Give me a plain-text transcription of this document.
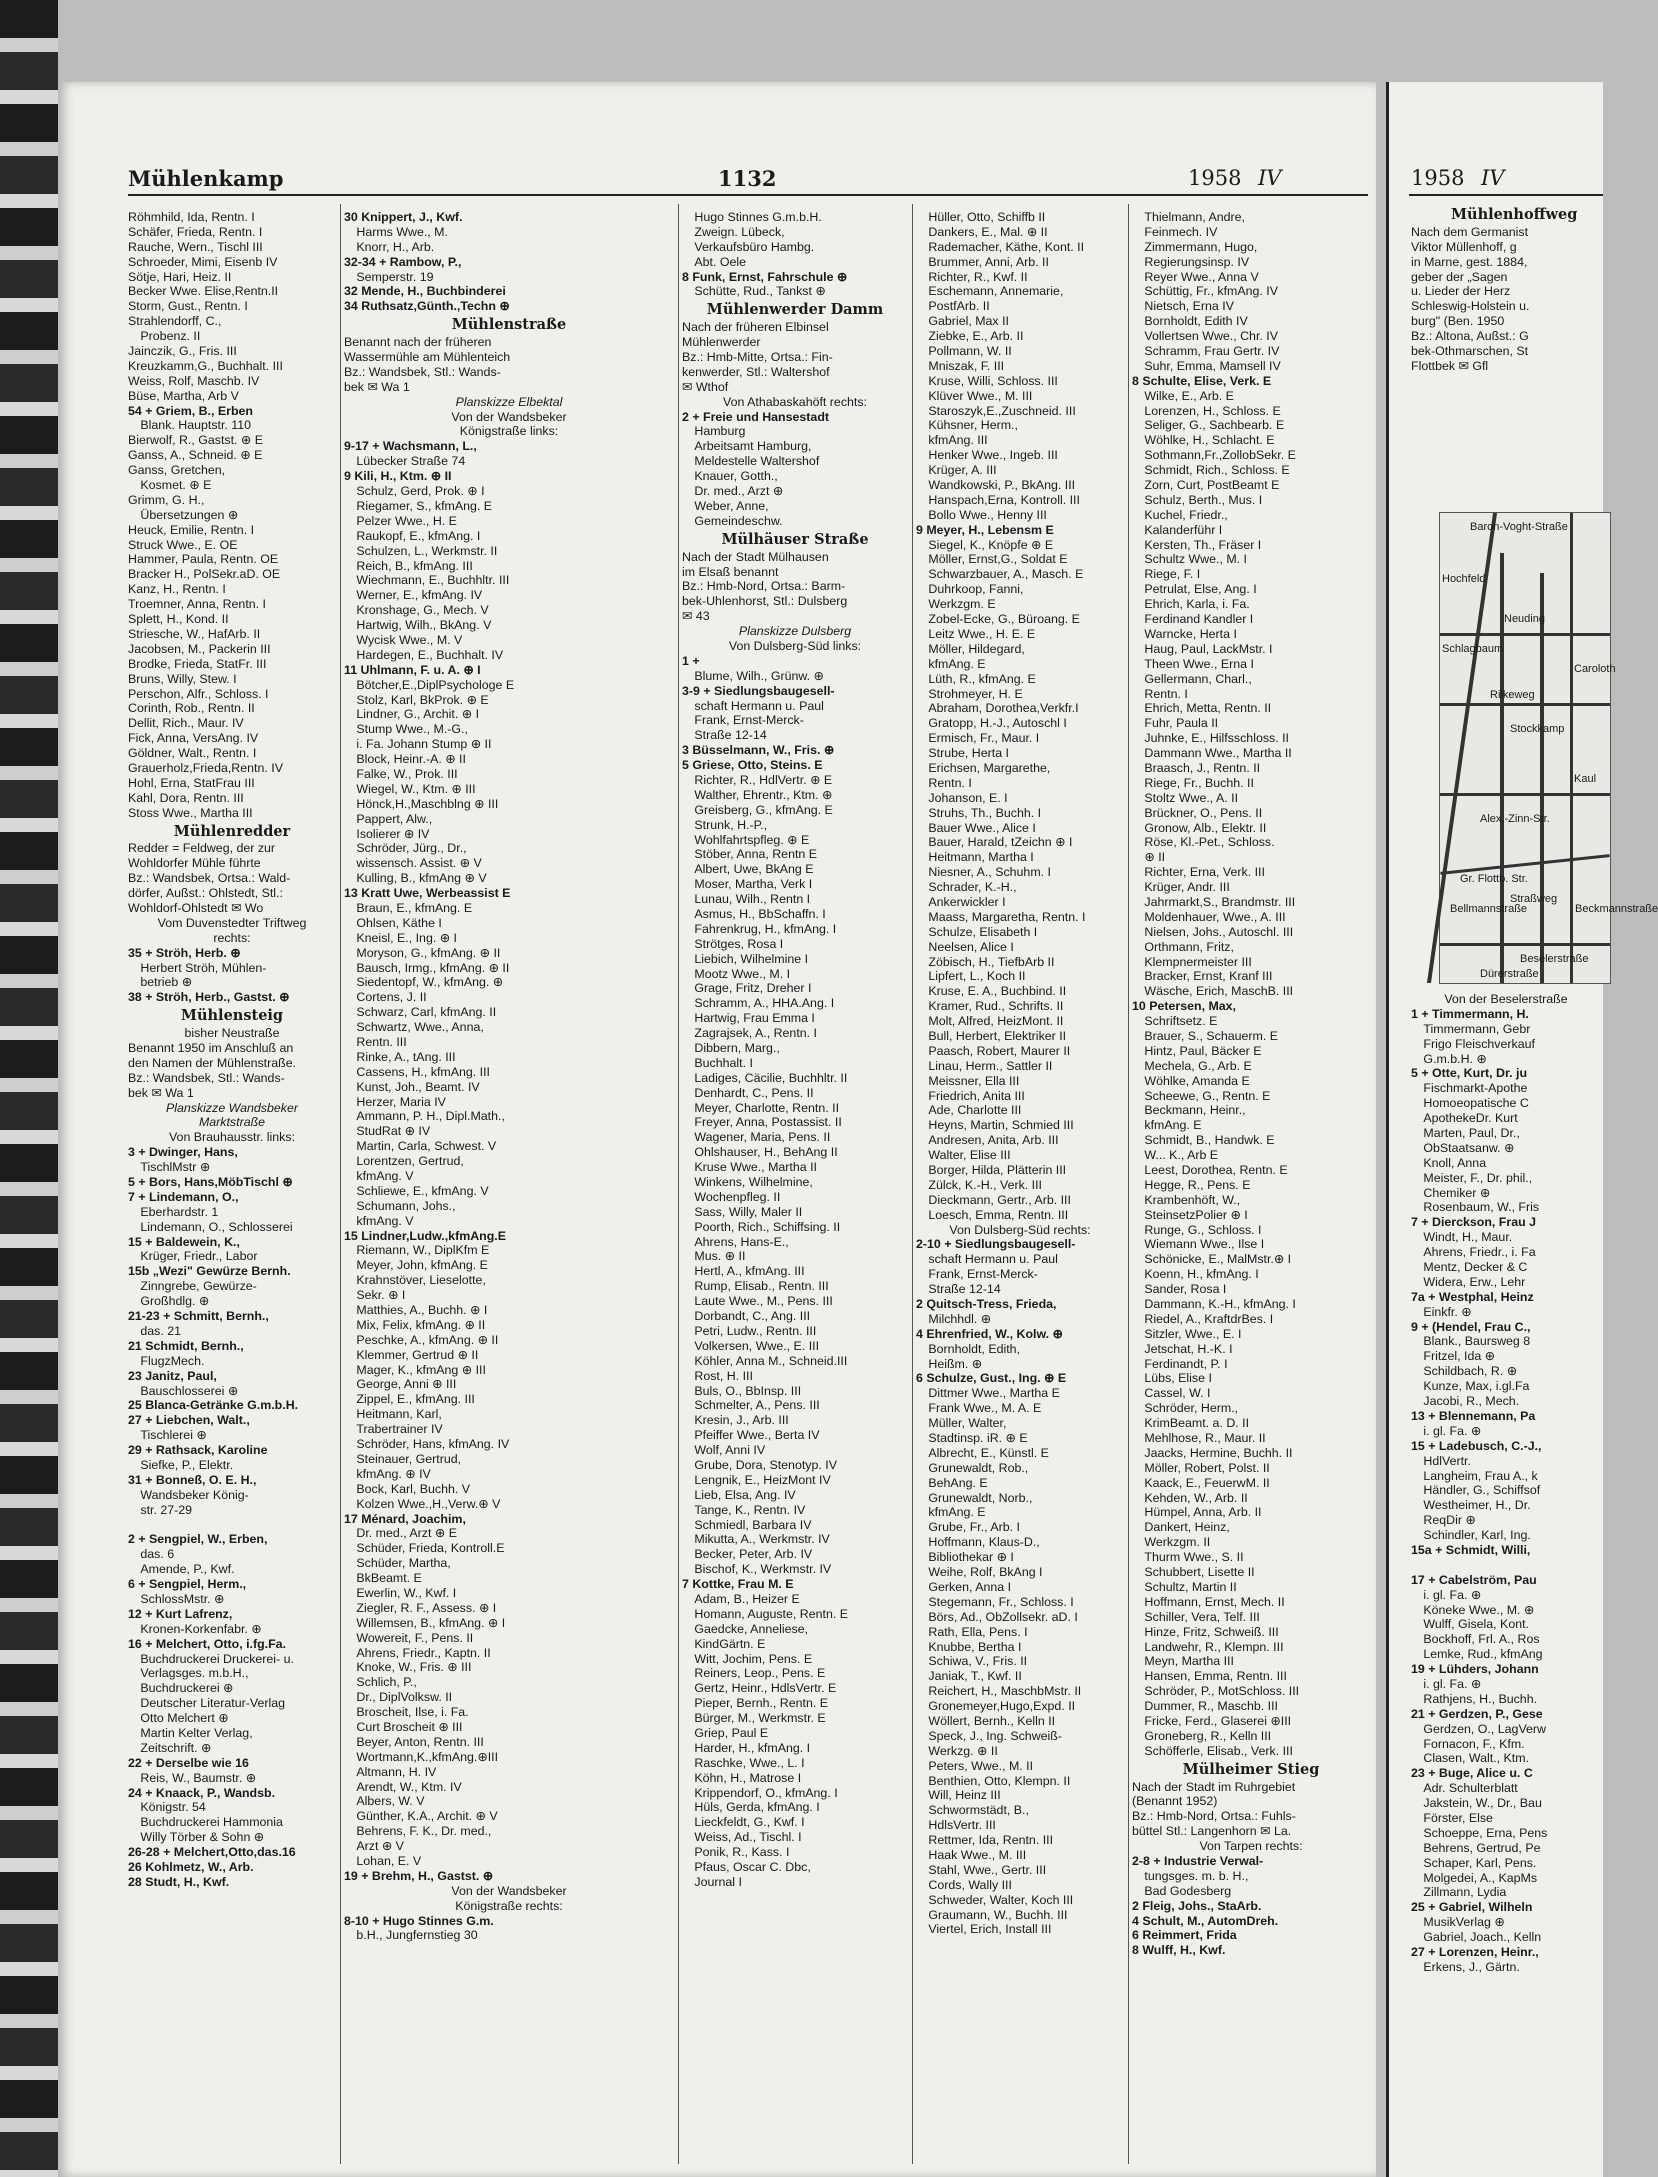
Mühlenkamp	1132	1958 IV
Röhmhild, Ida, Rentn. I
Schäfer, Frieda, Rentn. I
Rauche, Wern., Tischl III
Schroeder, Mimi, Eisenb IV
Sötje, Hari, Heiz. II
Becker Wwe. Elise,Rentn.II
Storm, Gust., Rentn. I
Strahlendorff, C.,
 Probenz. II
Jainczik, G., Fris. III
Kreuzkamm,G., Buchhalt. III
Weiss, Rolf, Maschb. IV
Büse, Martha, Arb V
54 + Griem, B., Erben
 Blank. Hauptstr. 110
Bierwolf, R., Gastst. ⊕ E
Ganss, A., Schneid. ⊕ E
Ganss, Gretchen,
 Kosmet. ⊕ E
Grimm, G. H.,
 Übersetzungen ⊕
Heuck, Emilie, Rentn. I
Struck Wwe., E. OE
Hammer, Paula, Rentn. OE
Bracker H., PolSekr.aD. OE
Kanz, H., Rentn. I
Troemner, Anna, Rentn. I
Splett, H., Kond. II
Striesche, W., HafArb. II
Jacobsen, M., Packerin III
Brodke, Frieda, StatFr. III
Bruns, Willy, Stew. I
Perschon, Alfr., Schloss. I
Corinth, Rob., Rentn. II
Dellit, Rich., Maur. IV
Fick, Anna, VersAng. IV
Göldner, Walt., Rentn. I
Grauerholz,Frieda,Rentn. IV
Hohl, Erna, StatFrau III
Kahl, Dora, Rentn. III
Stoss Wwe., Martha III
Mühlenredder
Redder = Feldweg, der zur
Wohldorfer Mühle führte
Bz.: Wandsbek, Ortsa.: Wald-
dörfer, Außst.: Ohlstedt, Stl.:
Wohldorf-Ohlstedt ✉ Wo
Vom Duvenstedter Triftweg
rechts:
35 + Ströh, Herb. ⊕
 Herbert Ströh, Mühlen-
 betrieb ⊕
38 + Ströh, Herb., Gastst. ⊕
Mühlensteig
bisher Neustraße
Benannt 1950 im Anschluß an
den Namen der Mühlenstraße.
Bz.: Wandsbek, Stl.: Wands-
bek ✉ Wa 1
Planskizze Wandsbeker
Marktstraße
Von Brauhausstr. links:
3 + Dwinger, Hans,
 TischlMstr ⊕
5 + Bors, Hans,MöbTischl ⊕
7 + Lindemann, O.,
 Eberhardstr. 1
 Lindemann, O., Schlosserei
15 + Baldewein, K.,
 Krüger, Friedr., Labor
15b „Wezi" Gewürze Bernh.
 Zinngrebe, Gewürze-
 Großhdlg. ⊕
21-23 + Schmitt, Bernh.,
 das. 21
21 Schmidt, Bernh.,
 FlugzMech.
23 Janitz, Paul,
 Bauschlosserei ⊕
25 Blanca-Getränke G.m.b.H.
27 + Liebchen, Walt.,
 Tischlerei ⊕
29 + Rathsack, Karoline
 Siefke, P., Elektr.
31 + Bonneß, O. E. H.,
 Wandsbeker König-
 str. 27-29
2 + Sengpiel, W., Erben,
 das. 6
 Amende, P., Kwf.
6 + Sengpiel, Herm.,
 SchlossMstr. ⊕
12 + Kurt Lafrenz,
 Kronen-Korkenfabr. ⊕
16 + Melchert, Otto, i.fg.Fa.
 Buchdruckerei Druckerei- u.
 Verlagsges. m.b.H.,
 Buchdruckerei ⊕
 Deutscher Literatur-Verlag
 Otto Melchert ⊕
 Martin Kelter Verlag,
 Zeitschrift. ⊕
22 + Derselbe wie 16
 Reis, W., Baumstr. ⊕
24 + Knaack, P., Wandsb.
 Königstr. 54
 Buchdruckerei Hammonia
 Willy Törber & Sohn ⊕
26-28 + Melchert,Otto,das.16
26 Kohlmetz, W., Arb.
28 Studt, H., Kwf.
30 Knippert, J., Kwf.
 Harms Wwe., M.
 Knorr, H., Arb.
32-34 + Rambow, P.,
 Semperstr. 19
32 Mende, H., Buchbinderei
34 Ruthsatz,Günth.,Techn ⊕
Mühlenstraße
Benannt nach der früheren
Wassermühle am Mühlenteich
Bz.: Wandsbek, Stl.: Wands-
bek ✉ Wa 1
Planskizze Elbektal
Von der Wandsbeker
Königstraße links:
9-17 + Wachsmann, L.,
 Lübecker Straße 74
9 Kili, H., Ktm. ⊕ II
 Schulz, Gerd, Prok. ⊕ I
 Riegamer, S., kfmAng. E
 Pelzer Wwe., H. E
 Raukopf, E., kfmAng. I
 Schulzen, L., Werkmstr. II
 Reich, B., kfmAng. III
 Wiechmann, E., Buchhltr. III
 Werner, E., kfmAng. IV
 Kronshage, G., Mech. V
 Hartwig, Wilh., BkAng. V
 Wycisk Wwe., M. V
 Hardegen, E., Buchhalt. IV
11 Uhlmann, F. u. A. ⊕ I
 Bötcher,E.,DiplPsychologe E
 Stolz, Karl, BkProk. ⊕ E
 Lindner, G., Archit. ⊕ I
 Stump Wwe., M.-G.,
 i. Fa. Johann Stump ⊕ II
 Block, Heinr.-A. ⊕ II
 Falke, W., Prok. III
 Wiegel, W., Ktm. ⊕ III
 Hönck,H.,Maschblng ⊕ III
 Pappert, Alw.,
 Isolierer ⊕ IV
 Schröder, Jürg., Dr.,
 wissensch. Assist. ⊕ V
 Kulling, B., kfmAng ⊕ V
13 Kratt Uwe, Werbeassist E
 Braun, E., kfmAng. E
 Ohlsen, Käthe I
 Kneisl, E., Ing. ⊕ I
 Moryson, G., kfmAng. ⊕ II
 Bausch, Irmg., kfmAng. ⊕ II
 Siedentopf, W., kfmAng. ⊕
 Cortens, J. II
 Schwarz, Carl, kfmAng. II
 Schwartz, Wwe., Anna,
 Rentn. III
 Rinke, A., tAng. III
 Cassens, H., kfmAng. III
 Kunst, Joh., Beamt. IV
 Herzer, Maria IV
 Ammann, P. H., Dipl.Math.,
 StudRat ⊕ IV
 Martin, Carla, Schwest. V
 Lorentzen, Gertrud,
 kfmAng. V
 Schliewe, E., kfmAng. V
 Schumann, Johs.,
 kfmAng. V
15 Lindner,Ludw.,kfmAng.E
 Riemann, W., DiplKfm E
 Meyer, John, kfmAng. E
 Krahnstöver, Lieselotte,
 Sekr. ⊕ I
 Matthies, A., Buchh. ⊕ I
 Mix, Felix, kfmAng. ⊕ II
 Peschke, A., kfmAng. ⊕ II
 Klemmer, Gertrud ⊕ II
 Mager, K., kfmAng ⊕ III
 George, Anni ⊕ III
 Zippel, E., kfmAng. III
 Heitmann, Karl,
 Trabertrainer IV
 Schröder, Hans, kfmAng. IV
 Steinauer, Gertrud,
 kfmAng. ⊕ IV
 Bock, Karl, Buchh. V
 Kolzen Wwe.,H.,Verw.⊕ V
17 Ménard, Joachim,
 Dr. med., Arzt ⊕ E
 Schüder, Frieda, Kontroll.E
 Schüder, Martha,
 BkBeamt. E
 Ewerlin, W., Kwf. I
 Ziegler, R. F., Assess. ⊕ I
 Willemsen, B., kfmAng. ⊕ I
 Wowereit, F., Pens. II
 Ahrens, Friedr., Kaptn. II
 Knoke, W., Fris. ⊕ III
 Schlich, P.,
 Dr., DiplVolksw. II
 Broscheit, Ilse, i. Fa.
 Curt Broscheit ⊕ III
 Beyer, Anton, Rentn. III
 Wortmann,K.,kfmAng.⊕III
 Altmann, H. IV
 Arendt, W., Ktm. IV
 Albers, W. V
 Günther, K.A., Archit. ⊕ V
 Behrens, F. K., Dr. med.,
 Arzt ⊕ V
 Lohan, E. V
19 + Brehm, H., Gastst. ⊕
Von der Wandsbeker
Königstraße rechts:
8-10 + Hugo Stinnes G.m.
 b.H., Jungfernstieg 30
 Hugo Stinnes G.m.b.H.
 Zweign. Lübeck,
 Verkaufsbüro Hambg.
 Abt. Oele
8 Funk, Ernst, Fahrschule ⊕
 Schütte, Rud., Tankst ⊕
Mühlenwerder Damm
Nach der früheren Elbinsel
Mühlenwerder
Bz.: Hmb-Mitte, Ortsa.: Fin-
kenwerder, Stl.: Waltershof
✉ Wthof
Von Athabaskahöft rechts:
2 + Freie und Hansestadt
 Hamburg
 Arbeitsamt Hamburg,
 Meldestelle Waltershof
 Knauer, Gotth.,
 Dr. med., Arzt ⊕
 Weber, Anne,
 Gemeindeschw.
Mülhäuser Straße
Nach der Stadt Mülhausen
im Elsaß benannt
Bz.: Hmb-Nord, Ortsa.: Barm-
bek-Uhlenhorst, Stl.: Dulsberg
✉ 43
Planskizze Dulsberg
Von Dulsberg-Süd links:
1 +
 Blume, Wilh., Grünw. ⊕
3-9 + Siedlungsbaugesell-
 schaft Hermann u. Paul
 Frank, Ernst-Merck-
 Straße 12-14
3 Büsselmann, W., Fris. ⊕
5 Griese, Otto, Steins. E
 Richter, R., HdlVertr. ⊕ E
 Walther, Ehrentr., Ktm. ⊕
 Greisberg, G., kfmAng. E
 Strunk, H.-P.,
 Wohlfahrtspfleg. ⊕ E
 Stöber, Anna, Rentn E
 Albert, Uwe, BkAng E
 Moser, Martha, Verk I
 Lunau, Wilh., Rentn I
 Asmus, H., BbSchaffn. I
 Fahrenkrug, H., kfmAng. I
 Strötges, Rosa I
 Liebich, Wilhelmine I
 Mootz Wwe., M. I
 Grage, Fritz, Dreher I
 Schramm, A., HHA.Ang. I
 Hartwig, Frau Emma I
 Zagrajsek, A., Rentn. I
 Dibbern, Marg.,
 Buchhalt. I
 Ladiges, Cäcilie, Buchhltr. II
 Denhardt, C., Pens. II
 Meyer, Charlotte, Rentn. II
 Freyer, Anna, Postassist. II
 Wagener, Maria, Pens. II
 Ohlshauser, H., BehAng II
 Kruse Wwe., Martha II
 Winkens, Wilhelmine,
 Wochenpfleg. II
 Sass, Willy, Maler II
 Poorth, Rich., Schiffsing. II
 Ahrens, Hans-E.,
 Mus. ⊕ II
 Hertl, A., kfmAng. III
 Rump, Elisab., Rentn. III
 Laute Wwe., M., Pens. III
 Dorbandt, C., Ang. III
 Petri, Ludw., Rentn. III
 Volkersen, Wwe., E. III
 Köhler, Anna M., Schneid.III
 Rost, H. III
 Buls, O., BbInsp. III
 Schmelter, A., Pens. III
 Kresin, J., Arb. III
 Pfeiffer Wwe., Berta IV
 Wolf, Anni IV
 Grube, Dora, Stenotyp. IV
 Lengnik, E., HeizMont IV
 Lieb, Elsa, Ang. IV
 Tange, K., Rentn. IV
 Schmiedl, Barbara IV
 Mikutta, A., Werkmstr. IV
 Becker, Peter, Arb. IV
 Bischof, K., Werkmstr. IV
7 Kottke, Frau M. E
 Adam, B., Heizer E
 Homann, Auguste, Rentn. E
 Gaedcke, Anneliese,
 KindGärtn. E
 Witt, Jochim, Pens. E
 Reiners, Leop., Pens. E
 Gertz, Heinr., HdlsVertr. E
 Pieper, Bernh., Rentn. E
 Bürger, M., Werkmstr. E
 Griep, Paul E
 Harder, H., kfmAng. I
 Raschke, Wwe., L. I
 Köhn, H., Matrose I
 Krippendorf, O., kfmAng. I
 Hüls, Gerda, kfmAng. I
 Lieckfeldt, G., Kwf. I
 Weiss, Ad., Tischl. I
 Ponik, R., Kass. I
 Pfaus, Oscar C. Dbc,
 Journal I
 Hüller, Otto, Schiffb II
 Dankers, E., Mal. ⊕ II
 Rademacher, Käthe, Kont. II
 Brummer, Anni, Arb. II
 Richter, R., Kwf. II
 Eschemann, Annemarie,
 PostfArb. II
 Gabriel, Max II
 Ziebke, E., Arb. II
 Pollmann, W. II
 Mniszak, F. III
 Kruse, Willi, Schloss. III
 Klüver Wwe., M. III
 Staroszyk,E.,Zuschneid. III
 Kühsner, Herm.,
 kfmAng. III
 Henker Wwe., Ingeb. III
 Krüger, A. III
 Wandkowski, P., BkAng. III
 Hanspach,Erna, Kontroll. III
 Bollo Wwe., Henny III
9 Meyer, H., Lebensm E
 Siegel, K., Knöpfe ⊕ E
 Möller, Ernst,G., Soldat E
 Schwarzbauer, A., Masch. E
 Duhrkoop, Fanni,
 Werkzgm. E
 Zobel-Ecke, G., Büroang. E
 Leitz Wwe., H. E. E
 Möller, Hildegard,
 kfmAng. E
 Lüth, R., kfmAng. E
 Strohmeyer, H. E
 Abraham, Dorothea,Verkfr.I
 Gratopp, H.-J., Autoschl I
 Ermisch, Fr., Maur. I
 Strube, Herta I
 Erichsen, Margarethe,
 Rentn. I
 Johanson, E. I
 Struhs, Th., Buchh. I
 Bauer Wwe., Alice I
 Bauer, Harald, tZeichn ⊕ I
 Heitmann, Martha I
 Niesner, A., Schuhm. I
 Schrader, K.-H.,
 Ankerwickler I
 Maass, Margaretha, Rentn. I
 Schulze, Elisabeth I
 Neelsen, Alice I
 Zöbisch, H., TiefbArb II
 Lipfert, L., Koch II
 Kruse, E. A., Buchbind. II
 Kramer, Rud., Schrifts. II
 Molt, Alfred, HeizMont. II
 Bull, Herbert, Elektriker II
 Paasch, Robert, Maurer II
 Linau, Herm., Sattler II
 Meissner, Ella III
 Friedrich, Anita III
 Ade, Charlotte III
 Heyns, Martin, Schmied III
 Andresen, Anita, Arb. III
 Walter, Elise III
 Borger, Hilda, Plätterin III
 Zülck, K.-H., Verk. III
 Dieckmann, Gertr., Arb. III
 Loesch, Emma, Rentn. III
Von Dulsberg-Süd rechts:
2-10 + Siedlungsbaugesell-
 schaft Hermann u. Paul
 Frank, Ernst-Merck-
 Straße 12-14
2 Quitsch-Tress, Frieda,
 Milchhdl. ⊕
4 Ehrenfried, W., Kolw. ⊕
 Bornholdt, Edith,
 Heißm. ⊕
6 Schulze, Gust., Ing. ⊕ E
 Dittmer Wwe., Martha E
 Frank Wwe., M. A. E
 Müller, Walter,
 Stadtinsp. iR. ⊕ E
 Albrecht, E., Künstl. E
 Grunewaldt, Rob.,
 BehAng. E
 Grunewaldt, Norb.,
 kfmAng. E
 Grube, Fr., Arb. I
 Hoffmann, Klaus-D.,
 Bibliothekar ⊕ I
 Weihe, Rolf, BkAng I
 Gerken, Anna I
 Stegemann, Fr., Schloss. I
 Börs, Ad., ObZollsekr. aD. I
 Rath, Ella, Pens. I
 Knubbe, Bertha I
 Schiwa, V., Fris. II
 Janiak, T., Kwf. II
 Reichert, H., MaschbMstr. II
 Gronemeyer,Hugo,Expd. II
 Wöllert, Bernh., Kelln II
 Speck, J., Ing. Schweiß-
 Werkzg. ⊕ II
 Peters, Wwe., M. II
 Benthien, Otto, Klempn. II
 Will, Heinz III
 Schwormstädt, B.,
 HdlsVertr. III
 Rettmer, Ida, Rentn. III
 Haak Wwe., M. III
 Stahl, Wwe., Gertr. III
 Cords, Wally III
 Schweder, Walter, Koch III
 Graumann, W., Buchh. III
 Viertel, Erich, Install III
 Thielmann, Andre,
 Feinmech. IV
 Zimmermann, Hugo,
 Regierungsinsp. IV
 Reyer Wwe., Anna V
 Schüttig, Fr., kfmAng. IV
 Nietsch, Erna IV
 Bornholdt, Edith IV
 Vollertsen Wwe., Chr. IV
 Schramm, Frau Gertr. IV
 Suhr, Emma, Mamsell IV
8 Schulte, Elise, Verk. E
 Wilke, E., Arb. E
 Lorenzen, H., Schloss. E
 Seliger, G., Sachbearb. E
 Wöhlke, H., Schlacht. E
 Sothmann,Fr.,ZollobSekr. E
 Schmidt, Rich., Schloss. E
 Zorn, Curt, PostBeamt E
 Schulz, Berth., Mus. I
 Kuchel, Friedr.,
 Kalanderführ I
 Kersten, Th., Fräser I
 Schultz Wwe., M. I
 Riege, F. I
 Petrulat, Else, Ang. I
 Ehrich, Karla, i. Fa.
 Ferdinand Kandler I
 Warncke, Herta I
 Haug, Paul, LackMstr. I
 Theen Wwe., Erna I
 Gellermann, Charl.,
 Rentn. I
 Ehrich, Metta, Rentn. II
 Fuhr, Paula II
 Juhnke, E., Hilfsschloss. II
 Dammann Wwe., Martha II
 Braasch, J., Rentn. II
 Riege, Fr., Buchh. II
 Stoltz Wwe., A. II
 Brückner, O., Pens. II
 Gronow, Alb., Elektr. II
 Röse, Kl.-Pet., Schloss.
 ⊕ II
 Richter, Erna, Verk. III
 Krüger, Andr. III
 Jahrmarkt,S., Brandmstr. III
 Moldenhauer, Wwe., A. III
 Nielsen, Johs., Autoschl. III
 Orthmann, Fritz,
 Klempnermeister III
 Bracker, Ernst, Kranf III
 Wäsche, Erich, MaschB. III
10 Petersen, Max,
 Schriftsetz. E
 Brauer, S., Schauerm. E
 Hintz, Paul, Bäcker E
 Mechela, G., Arb. E
 Wöhlke, Amanda E
 Scheewe, G., Rentn. E
 Beckmann, Heinr.,
 kfmAng. E
 Schmidt, B., Handwk. E
 W... K., Arb E
 Leest, Dorothea, Rentn. E
 Hegge, R., Pens. E
 Krambenhöft, W.,
 SteinsetzPolier ⊕ I
 Runge, G., Schloss. I
 Wiemann Wwe., Ilse I
 Schönicke, E., MalMstr.⊕ I
 Koenn, H., kfmAng. I
 Sander, Rosa I
 Dammann, K.-H., kfmAng. I
 Riedel, A., KraftdrBes. I
 Sitzler, Wwe., E. I
 Jetschat, H.-K. I
 Ferdinandt, P. I
 Lübs, Elise I
 Cassel, W. I
 Schröder, Herm.,
 KrimBeamt. a. D. II
 Mehlhose, R., Maur. II
 Jaacks, Hermine, Buchh. II
 Möller, Robert, Polst. II
 Kaack, E., FeuerwM. II
 Kehden, W., Arb. II
 Hümpel, Anna, Arb. II
 Dankert, Heinz,
 Werkzgm. II
 Thurm Wwe., S. II
 Schubbert, Lisette II
 Schultz, Martin II
 Hoffmann, Ernst, Mech. II
 Schiller, Vera, Telf. III
 Hinze, Fritz, Schweiß. III
 Landwehr, R., Klempn. III
 Meyn, Martha III
 Hansen, Emma, Rentn. III
 Schröder, P., MotSchloss. III
 Dummer, R., Maschb. III
 Fricke, Ferd., Glaserei ⊕III
 Groneberg, R., Kelln III
 Schöfferle, Elisab., Verk. III
Mülheimer Stieg
Nach der Stadt im Ruhrgebiet
(Benannt 1952)
Bz.: Hmb-Nord, Ortsa.: Fuhls-
büttel Stl.: Langenhorn ✉ La.
Von Tarpen rechts:
2-8 + Industrie Verwal-
 tungsges. m. b. H.,
 Bad Godesberg
2 Fleig, Johs., StaArb.
4 Schult, M., AutomDreh.
6 Reimmert, Frida
8 Wulff, H., Kwf.
1958 IV
Mühlenhoffweg
Nach dem Germanist
Viktor Müllenhoff, g
in Marne, gest. 1884,
geber der „Sagen
u. Lieder der Herz
Schleswig-Holstein u.
burg" (Ben. 1950
Bz.: Altona, Außst.: G
bek-Othmarschen, St
Flottbek ✉ Gfl
Baron-Voght-Straße
Hochfeld
Neuding
Schlagbaum
Rilkeweg
Stockkamp
Alex.-Zinn-Str.
Gr. Flottb. Str.
Bellmannstraße
Straßweg
Beckmannstraße
Beselerstraße
Dürerstraße
Caroloth
Kaul
Von der Beselerstraße
1 + Timmermann, H.
 Timmermann, Gebr
 Frigo Fleischverkauf
 G.m.b.H. ⊕
5 + Otte, Kurt, Dr. ju
 Fischmarkt-Apothe
 Homoeopatische C
 ApothekeDr. Kurt
 Marten, Paul, Dr.,
 ObStaatsanw. ⊕
 Knoll, Anna
 Meister, F., Dr. phil.,
 Chemiker ⊕
 Rosenbaum, W., Fris
7 + Dierckson, Frau J
 Windt, H., Maur.
 Ahrens, Friedr., i. Fa
 Mentz, Decker & C
 Widera, Erw., Lehr
7a + Westphal, Heinz
 Einkfr. ⊕
9 + (Hendel, Frau C.,
 Blank., Baursweg 8
 Fritzel, Ida ⊕
 Schildbach, R. ⊕
 Kunze, Max, i.gl.Fa
 Jacobi, R., Mech.
13 + Blennemann, Pa
 i. gl. Fa. ⊕
15 + Ladebusch, C.-J.,
 HdlVertr.
 Langheim, Frau A., k
 Händler, G., Schiffsof
 Westheimer, H., Dr.
 ReqDir ⊕
 Schindler, Karl, Ing.
15a + Schmidt, Willi,
17 + Cabelström, Pau
 i. gl. Fa. ⊕
 Köneke Wwe., M. ⊕
 Wulff, Gisela, Kont.
 Bockhoff, Frl. A., Ros
 Lemke, Rud., kfmAng
19 + Lühders, Johann
 i. gl. Fa. ⊕
 Rathjens, H., Buchh.
21 + Gerdzen, P., Gese
 Gerdzen, O., LagVerw
 Fornacon, F., Kfm.
 Clasen, Walt., Ktm.
23 + Buge, Alice u. C
 Adr. Schulterblatt
 Jakstein, W., Dr., Bau
 Förster, Else
 Schoeppe, Erna, Pens
 Behrens, Gertrud, Pe
 Schaper, Karl, Pens.
 Molgedei, A., KapMs
 Zillmann, Lydia
25 + Gabriel, Wilheln
 MusikVerlag ⊕
 Gabriel, Joach., Kelln
27 + Lorenzen, Heinr.,
 Erkens, J., Gärtn.
